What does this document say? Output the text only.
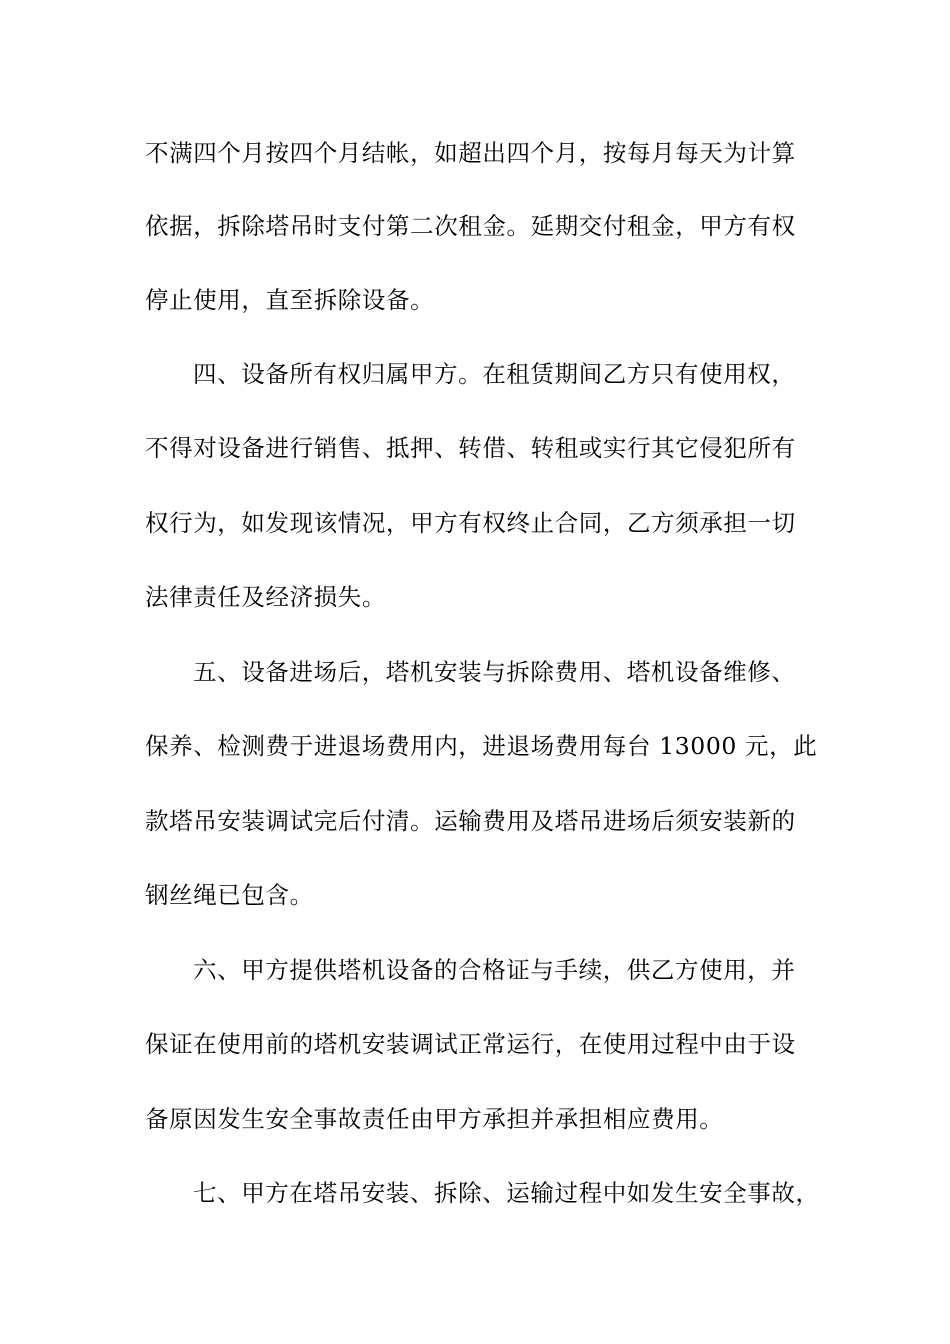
不满四个月按四个月结帐，如超出四个月，按每月每天为计算
依据，拆除塔吊时支付第二次租金。延期交付租金，甲方有权
停止使用，直至拆除设备。
四、设备所有权归属甲方。在租赁期间乙方只有使用权，
不得对设备进行销售、抵押、转借、转租或实行其它侵犯所有
权行为，如发现该情况，甲方有权终止合同，乙方须承担一切
法律责任及经济损失。
五、设备进场后，塔机安装与拆除费用、塔机设备维修、
保养、检测费于进退场费用内，进退场费用每台 13000 元，此
款塔吊安装调试完后付清。运输费用及塔吊进场后须安装新的
钢丝绳已包含。
六、甲方提供塔机设备的合格证与手续，供乙方使用，并
保证在使用前的塔机安装调试正常运行，在使用过程中由于设
备原因发生安全事故责任由甲方承担并承担相应费用。
七、甲方在塔吊安装、拆除、运输过程中如发生安全事故，
